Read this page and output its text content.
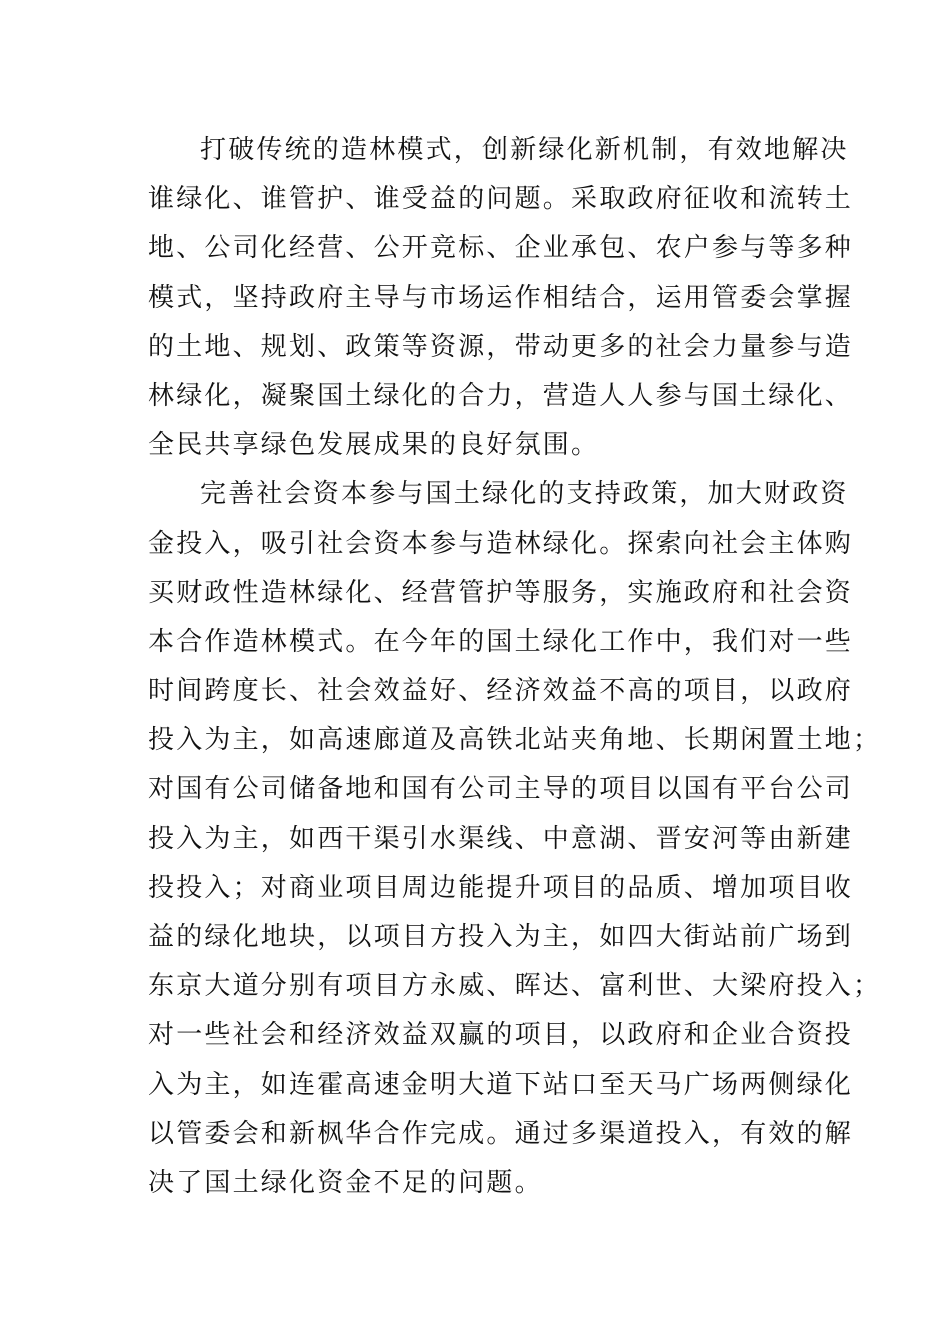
打破传统的造林模式，创新绿化新机制，有效地解决
谁绿化、谁管护、谁受益的问题。采取政府征收和流转土
地、公司化经营、公开竞标、企业承包、农户参与等多种
模式，坚持政府主导与市场运作相结合，运用管委会掌握
的土地、规划、政策等资源，带动更多的社会力量参与造
林绿化，凝聚国土绿化的合力，营造人人参与国土绿化、
全民共享绿色发展成果的良好氛围。
完善社会资本参与国土绿化的支持政策，加大财政资
金投入，吸引社会资本参与造林绿化。探索向社会主体购
买财政性造林绿化、经营管护等服务，实施政府和社会资
本合作造林模式。在今年的国土绿化工作中，我们对一些
时间跨度长、社会效益好、经济效益不高的项目，以政府
投入为主，如高速廊道及高铁北站夹角地、长期闲置土地；
对国有公司储备地和国有公司主导的项目以国有平台公司
投入为主，如西干渠引水渠线、中意湖、晋安河等由新建
投投入；对商业项目周边能提升项目的品质、增加项目收
益的绿化地块，以项目方投入为主，如四大街站前广场到
东京大道分别有项目方永威、晖达、富利世、大梁府投入；
对一些社会和经济效益双赢的项目，以政府和企业合资投
入为主，如连霍高速金明大道下站口至天马广场两侧绿化
以管委会和新枫华合作完成。通过多渠道投入，有效的解
决了国土绿化资金不足的问题。
